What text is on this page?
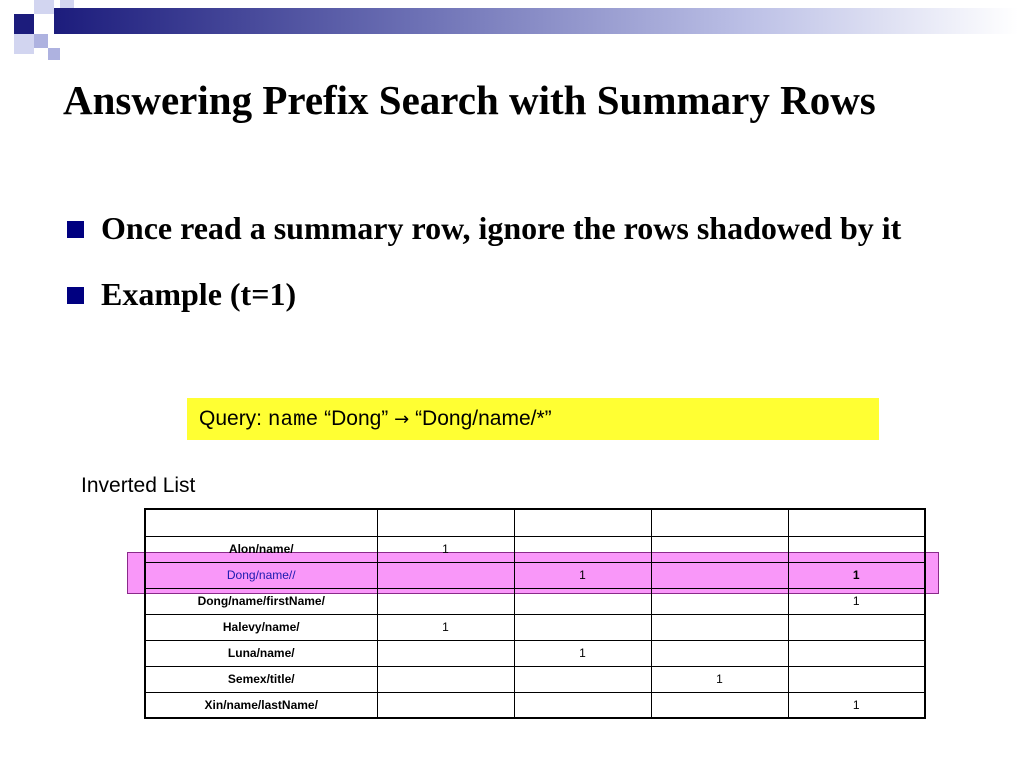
Answering Prefix Search with Summary Rows
Once read a summary row, ignore the rows shadowed by it
Example (t=1)
Query: name “Dong” → “Dong/name/*”
Inverted List

Alon/name/	1			
Dong/name//		1		1
Dong/name/firstName/				1
Halevy/name/	1			
Luna/name/		1		
Semex/title/			1	
Xin/name/lastName/				1
